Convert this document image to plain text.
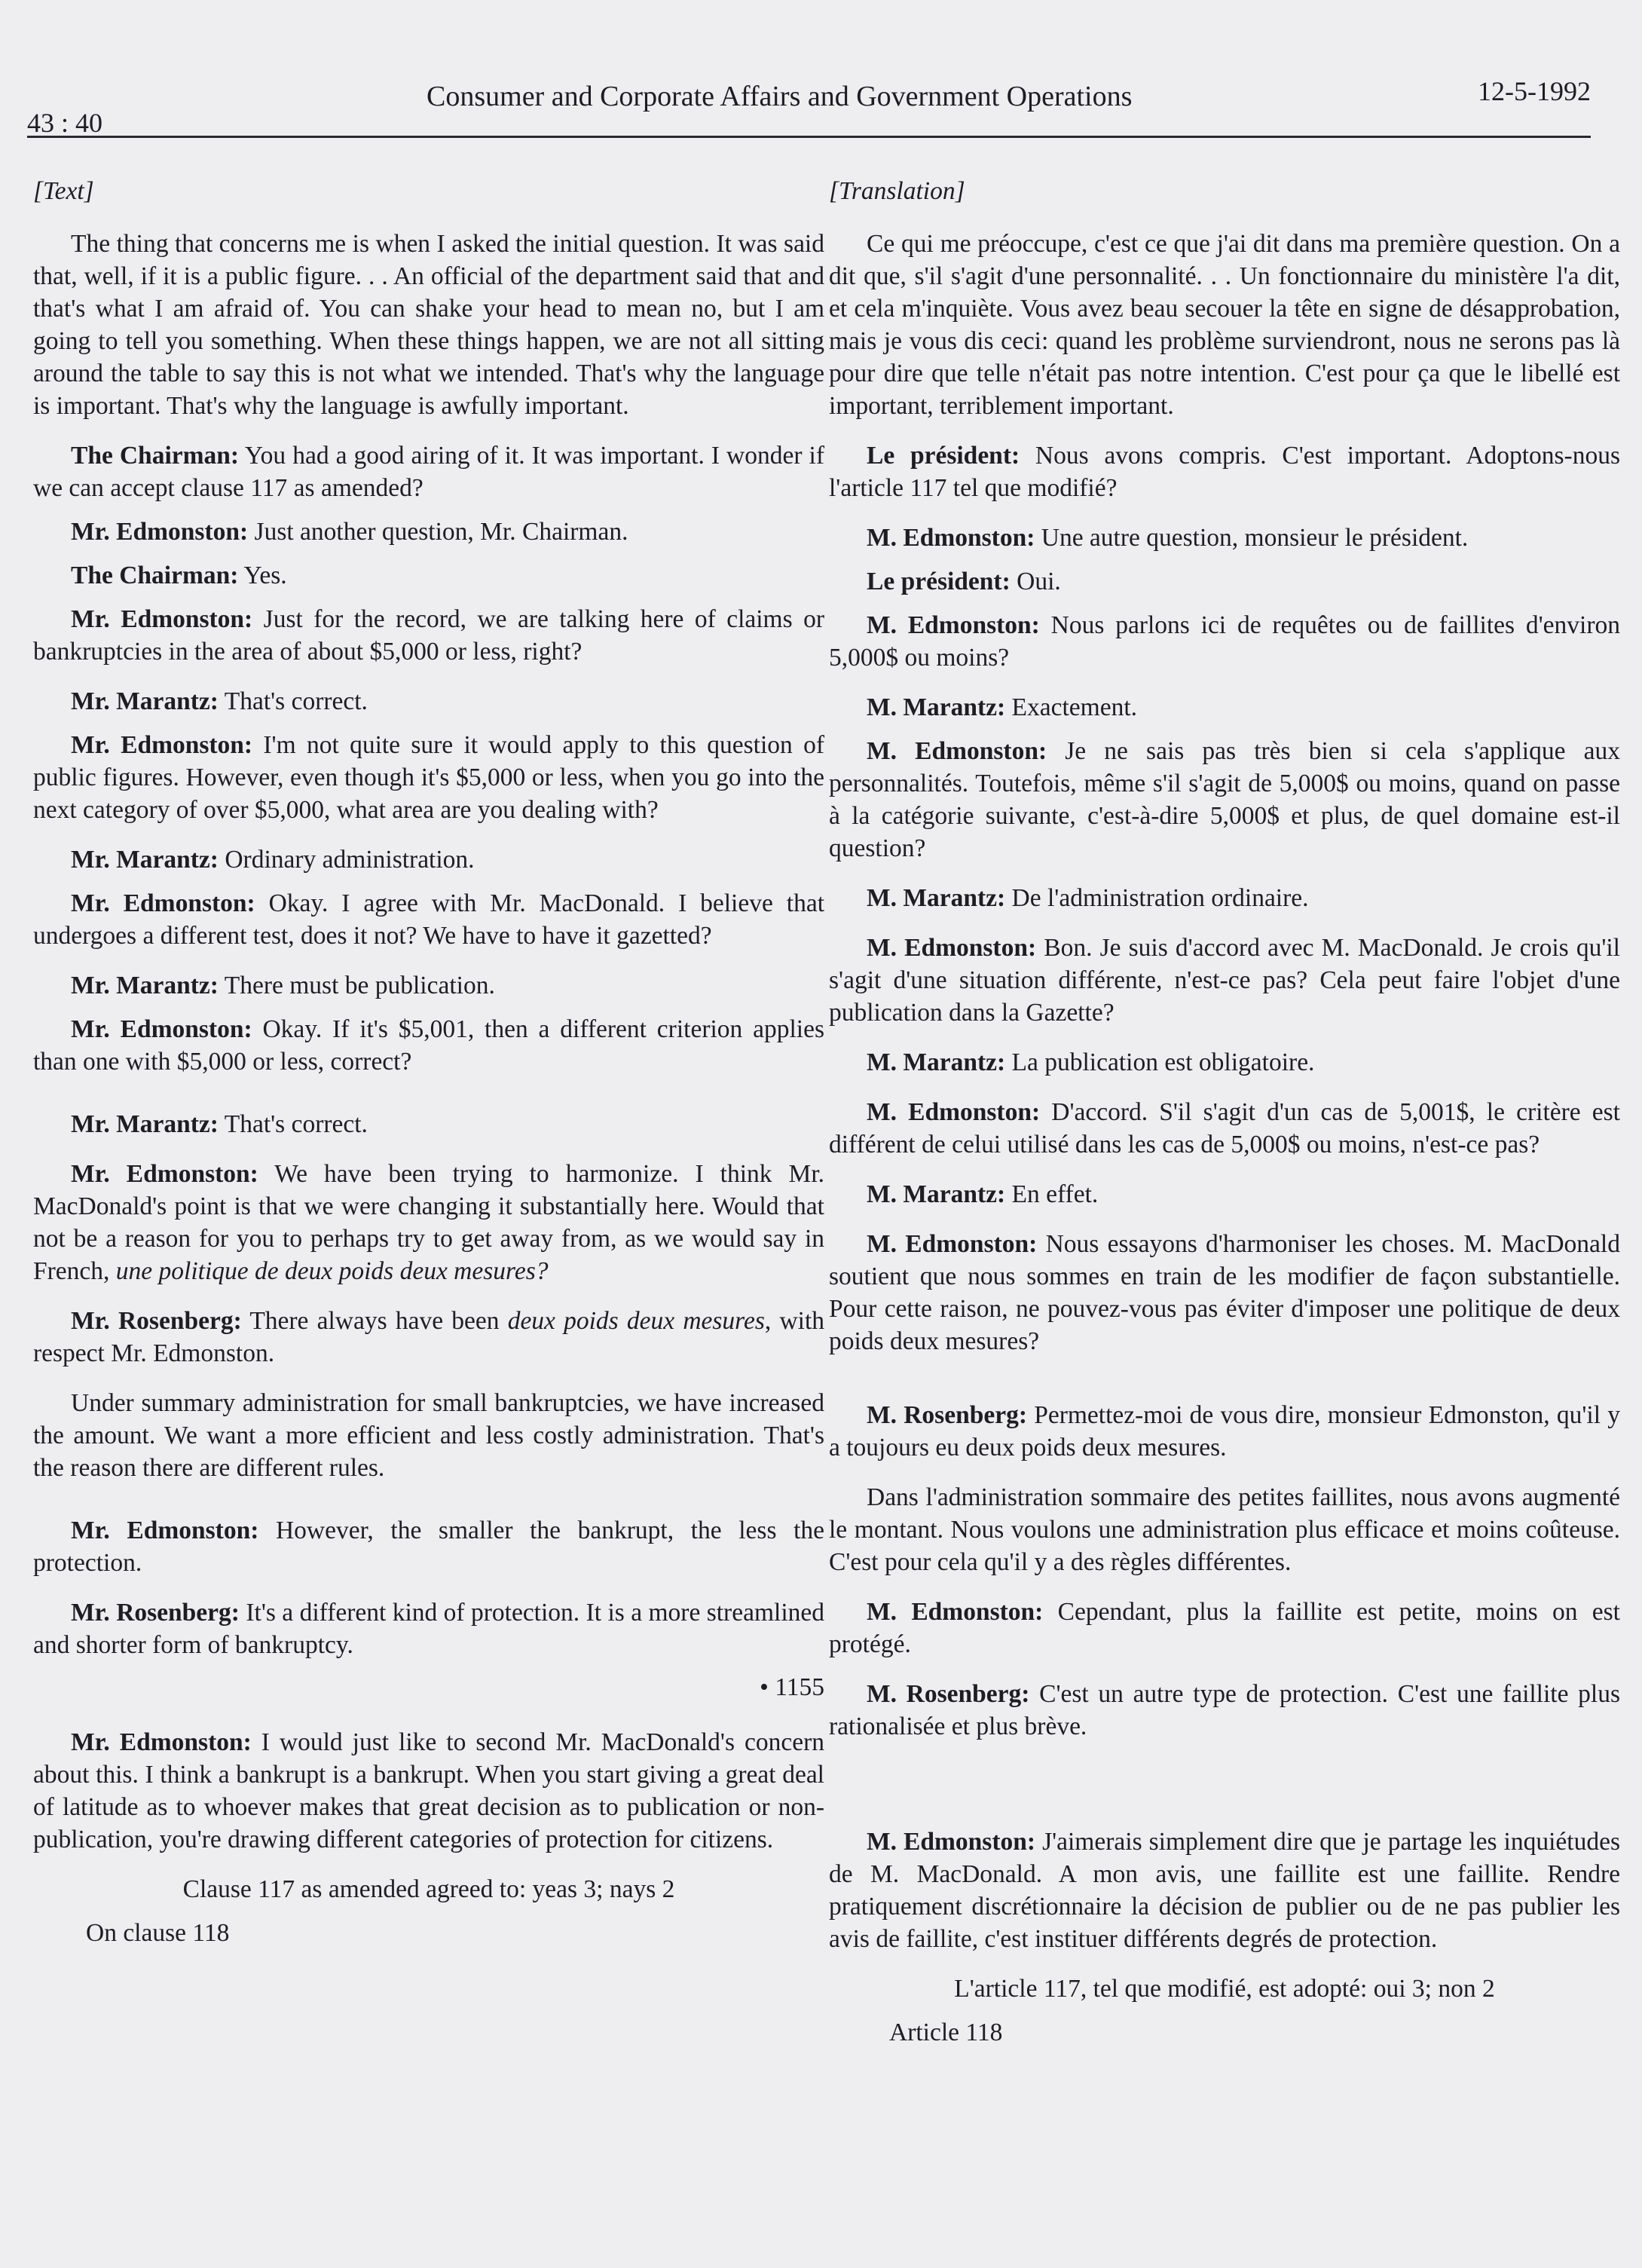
43 : 40
Consumer and Corporate Affairs and Government Operations	12-5-1992

[Text]

The thing that concerns me is when I asked the initial question. It was said that, well, if it is a public figure. . . An official of the department said that and that's what I am afraid of. You can shake your head to mean no, but I am going to tell you something. When these things happen, we are not all sitting around the table to say this is not what we intended. That's why the language is important. That's why the language is awfully important.

The Chairman: You had a good airing of it. It was important. I wonder if we can accept clause 117 as amended?

Mr. Edmonston: Just another question, Mr. Chairman.

The Chairman: Yes.

Mr. Edmonston: Just for the record, we are talking here of claims or bankruptcies in the area of about $5,000 or less, right?

Mr. Marantz: That's correct.

Mr. Edmonston: I'm not quite sure it would apply to this question of public figures. However, even though it's $5,000 or less, when you go into the next category of over $5,000, what area are you dealing with?

Mr. Marantz: Ordinary administration.

Mr. Edmonston: Okay. I agree with Mr. MacDonald. I believe that undergoes a different test, does it not? We have to have it gazetted?

Mr. Marantz: There must be publication.

Mr. Edmonston: Okay. If it's $5,001, then a different criterion applies than one with $5,000 or less, correct?

Mr. Marantz: That's correct.

Mr. Edmonston: We have been trying to harmonize. I think Mr. MacDonald's point is that we were changing it substantially here. Would that not be a reason for you to perhaps try to get away from, as we would say in French, une politique de deux poids deux mesures?

Mr. Rosenberg: There always have been deux poids deux mesures, with respect Mr. Edmonston.

Under summary administration for small bankruptcies, we have increased the amount. We want a more efficient and less costly administration. That's the reason there are different rules.

Mr. Edmonston: However, the smaller the bankrupt, the less the protection.

Mr. Rosenberg: It's a different kind of protection. It is a more streamlined and shorter form of bankruptcy.

• 1155

Mr. Edmonston: I would just like to second Mr. MacDonald's concern about this. I think a bankrupt is a bankrupt. When you start giving a great deal of latitude as to whoever makes that great decision as to publication or non-publication, you're drawing different categories of protection for citizens.

Clause 117 as amended agreed to: yeas 3; nays 2

On clause 118

[Translation]

Ce qui me préoccupe, c'est ce que j'ai dit dans ma première question. On a dit que, s'il s'agit d'une personnalité. . . Un fonctionnaire du ministère l'a dit, et cela m'inquiète. Vous avez beau secouer la tête en signe de désapprobation, mais je vous dis ceci: quand les problème surviendront, nous ne serons pas là pour dire que telle n'était pas notre intention. C'est pour ça que le libellé est important, terriblement important.

Le président: Nous avons compris. C'est important. Adoptons-nous l'article 117 tel que modifié?

M. Edmonston: Une autre question, monsieur le président.

Le président: Oui.

M. Edmonston: Nous parlons ici de requêtes ou de faillites d'environ 5,000$ ou moins?

M. Marantz: Exactement.

M. Edmonston: Je ne sais pas très bien si cela s'applique aux personnalités. Toutefois, même s'il s'agit de 5,000$ ou moins, quand on passe à la catégorie suivante, c'est-à-dire 5,000$ et plus, de quel domaine est-il question?

M. Marantz: De l'administration ordinaire.

M. Edmonston: Bon. Je suis d'accord avec M. MacDonald. Je crois qu'il s'agit d'une situation différente, n'est-ce pas? Cela peut faire l'objet d'une publication dans la Gazette?

M. Marantz: La publication est obligatoire.

M. Edmonston: D'accord. S'il s'agit d'un cas de 5,001$, le critère est différent de celui utilisé dans les cas de 5,000$ ou moins, n'est-ce pas?

M. Marantz: En effet.

M. Edmonston: Nous essayons d'harmoniser les choses. M. MacDonald soutient que nous sommes en train de les modifier de façon substantielle. Pour cette raison, ne pouvez-vous pas éviter d'imposer une politique de deux poids deux mesures?

M. Rosenberg: Permettez-moi de vous dire, monsieur Edmonston, qu'il y a toujours eu deux poids deux mesures.

Dans l'administration sommaire des petites faillites, nous avons augmenté le montant. Nous voulons une administration plus efficace et moins coûteuse. C'est pour cela qu'il y a des règles différentes.

M. Edmonston: Cependant, plus la faillite est petite, moins on est protégé.

M. Rosenberg: C'est un autre type de protection. C'est une faillite plus rationalisée et plus brève.

M. Edmonston: J'aimerais simplement dire que je partage les inquiétudes de M. MacDonald. A mon avis, une faillite est une faillite. Rendre pratiquement discrétionnaire la décision de publier ou de ne pas publier les avis de faillite, c'est instituer différents degrés de protection.

L'article 117, tel que modifié, est adopté: oui 3; non 2

Article 118
